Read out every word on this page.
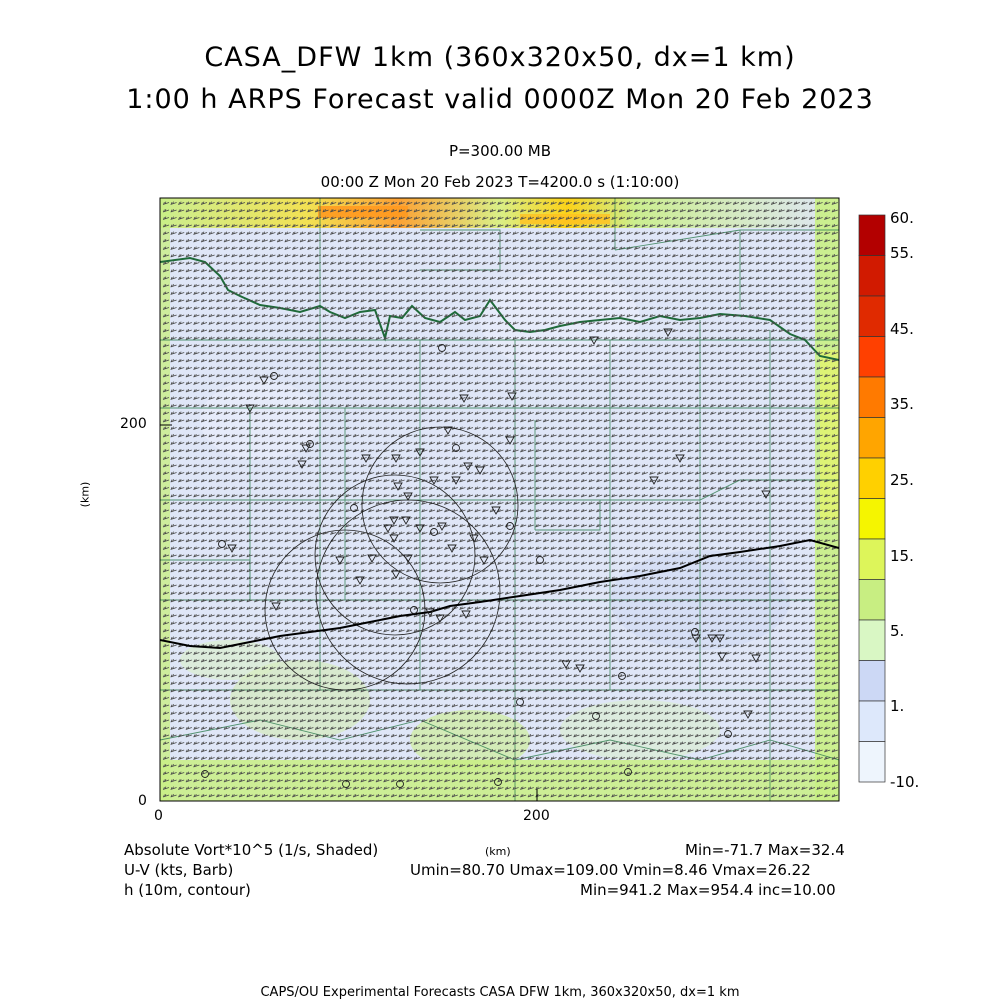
CASA_DFW 1km (360x320x50, dx=1 km)
1:00 h ARPS Forecast valid 0000Z Mon 20 Feb 2023
P=300.00 MB
00:00 Z Mon 20 Feb 2023 T=4200.0 s (1:10:00)
200
0
0	200
(km)
(km)
60.
55.
45.
35.
25.
15.
5.
1.
-10.
Absolute Vort*10^5 (1/s, Shaded)	Min=-71.7 Max=32.4
U-V (kts, Barb)	Umin=80.70 Umax=109.00 Vmin=8.46 Vmax=26.22
h (10m, contour)	Min=941.2 Max=954.4 inc=10.00
CAPS/OU Experimental Forecasts CASA DFW 1km, 360x320x50, dx=1 km
